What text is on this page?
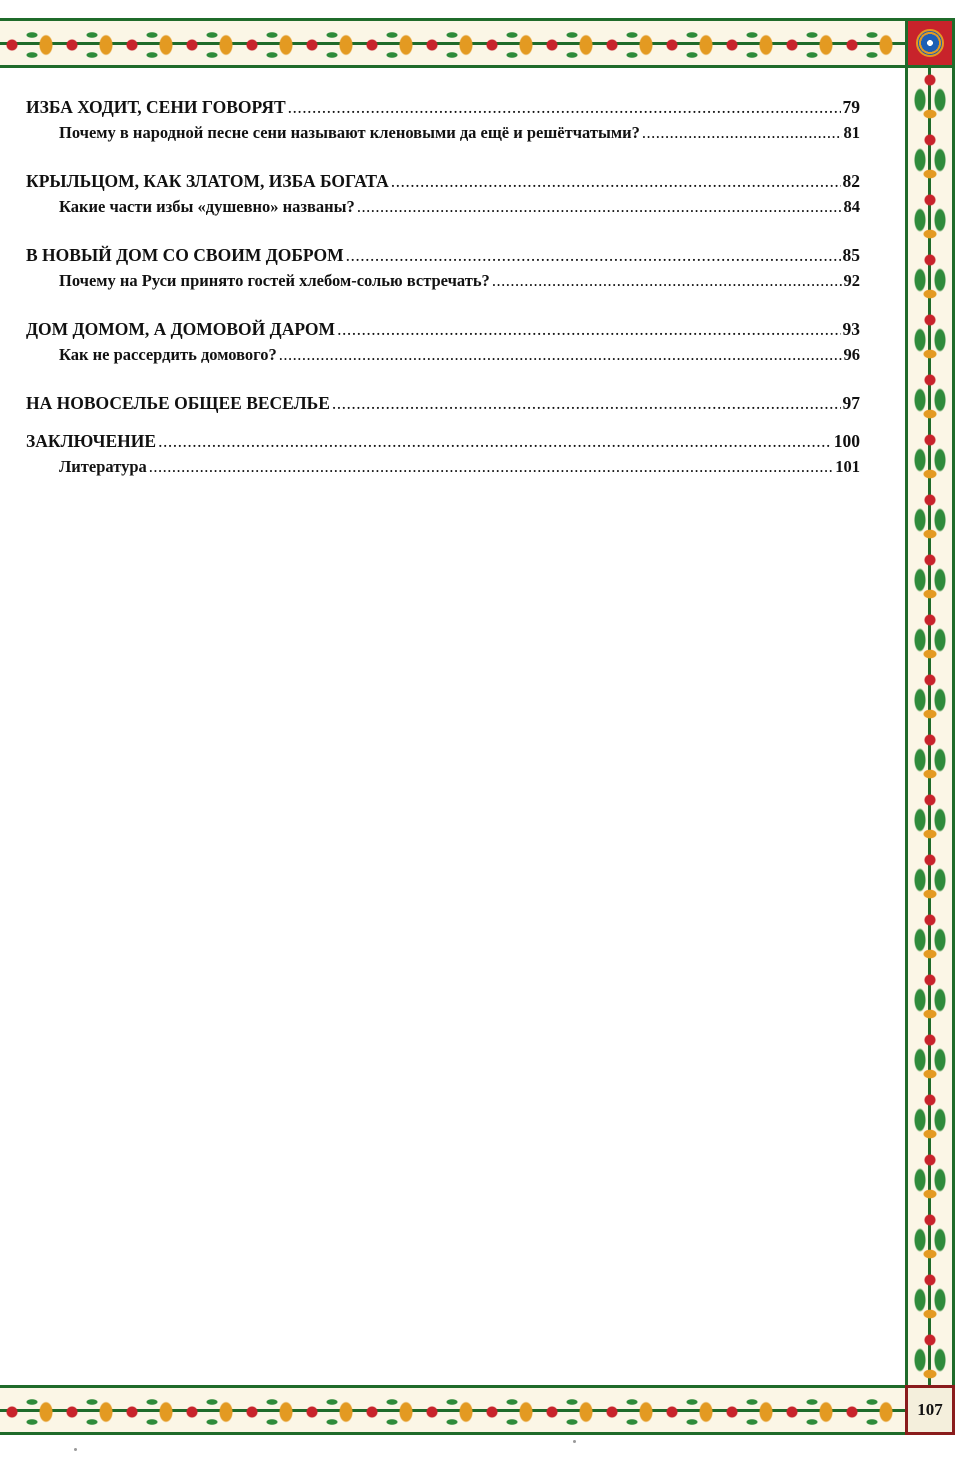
107
ИЗБА ХОДИТ, СЕНИ ГОВОРЯТ .....	79
Почему в народной песне сени называют кленовыми да ещё и решётчатыми? .....	81
КРЫЛЬЦОМ, КАК ЗЛАТОМ, ИЗБА БОГАТА .....	82
Какие части избы «душевно» названы? .....	84
В НОВЫЙ ДОМ СО СВОИМ ДОБРОМ .....	85
Почему на Руси принято гостей хлебом-солью встречать? .....	92
ДОМ ДОМОМ, А ДОМОВОЙ ДАРОМ .....	93
Как не рассердить домового? .....	96
НА НОВОСЕЛЬЕ ОБЩЕЕ ВЕСЕЛЬЕ .....	97
ЗАКЛЮЧЕНИЕ .....	100
Литература .....	101
